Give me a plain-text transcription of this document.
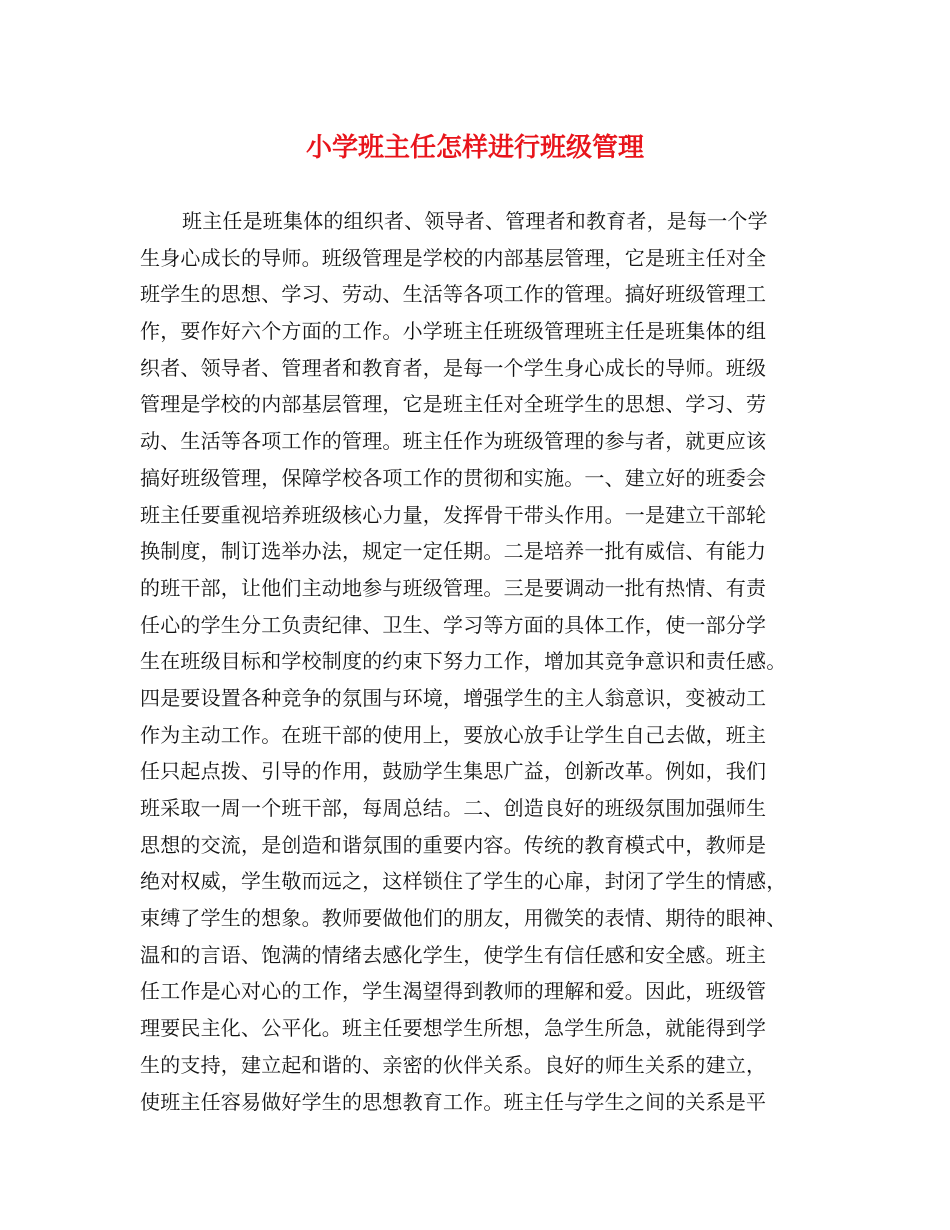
小学班主任怎样进行班级管理
班主任是班集体的组织者、领导者、管理者和教育者，是每一个学
生身心成长的导师。班级管理是学校的内部基层管理，它是班主任对全
班学生的思想、学习、劳动、生活等各项工作的管理。搞好班级管理工
作，要作好六个方面的工作。小学班主任班级管理班主任是班集体的组
织者、领导者、管理者和教育者，是每一个学生身心成长的导师。班级
管理是学校的内部基层管理，它是班主任对全班学生的思想、学习、劳
动、生活等各项工作的管理。班主任作为班级管理的参与者，就更应该
搞好班级管理，保障学校各项工作的贯彻和实施。一、建立好的班委会
班主任要重视培养班级核心力量，发挥骨干带头作用。一是建立干部轮
换制度，制订选举办法，规定一定任期。二是培养一批有威信、有能力
的班干部，让他们主动地参与班级管理。三是要调动一批有热情、有责
任心的学生分工负责纪律、卫生、学习等方面的具体工作，使一部分学
生在班级目标和学校制度的约束下努力工作，增加其竞争意识和责任感。
四是要设置各种竞争的氛围与环境，增强学生的主人翁意识，变被动工
作为主动工作。在班干部的使用上，要放心放手让学生自己去做，班主
任只起点拨、引导的作用，鼓励学生集思广益，创新改革。例如，我们
班采取一周一个班干部，每周总结。二、创造良好的班级氛围加强师生
思想的交流，是创造和谐氛围的重要内容。传统的教育模式中，教师是
绝对权威，学生敬而远之，这样锁住了学生的心扉，封闭了学生的情感，
束缚了学生的想象。教师要做他们的朋友，用微笑的表情、期待的眼神、
温和的言语、饱满的情绪去感化学生，使学生有信任感和安全感。班主
任工作是心对心的工作，学生渴望得到教师的理解和爱。因此，班级管
理要民主化、公平化。班主任要想学生所想，急学生所急，就能得到学
生的支持，建立起和谐的、亲密的伙伴关系。良好的师生关系的建立，
使班主任容易做好学生的思想教育工作。班主任与学生之间的关系是平
